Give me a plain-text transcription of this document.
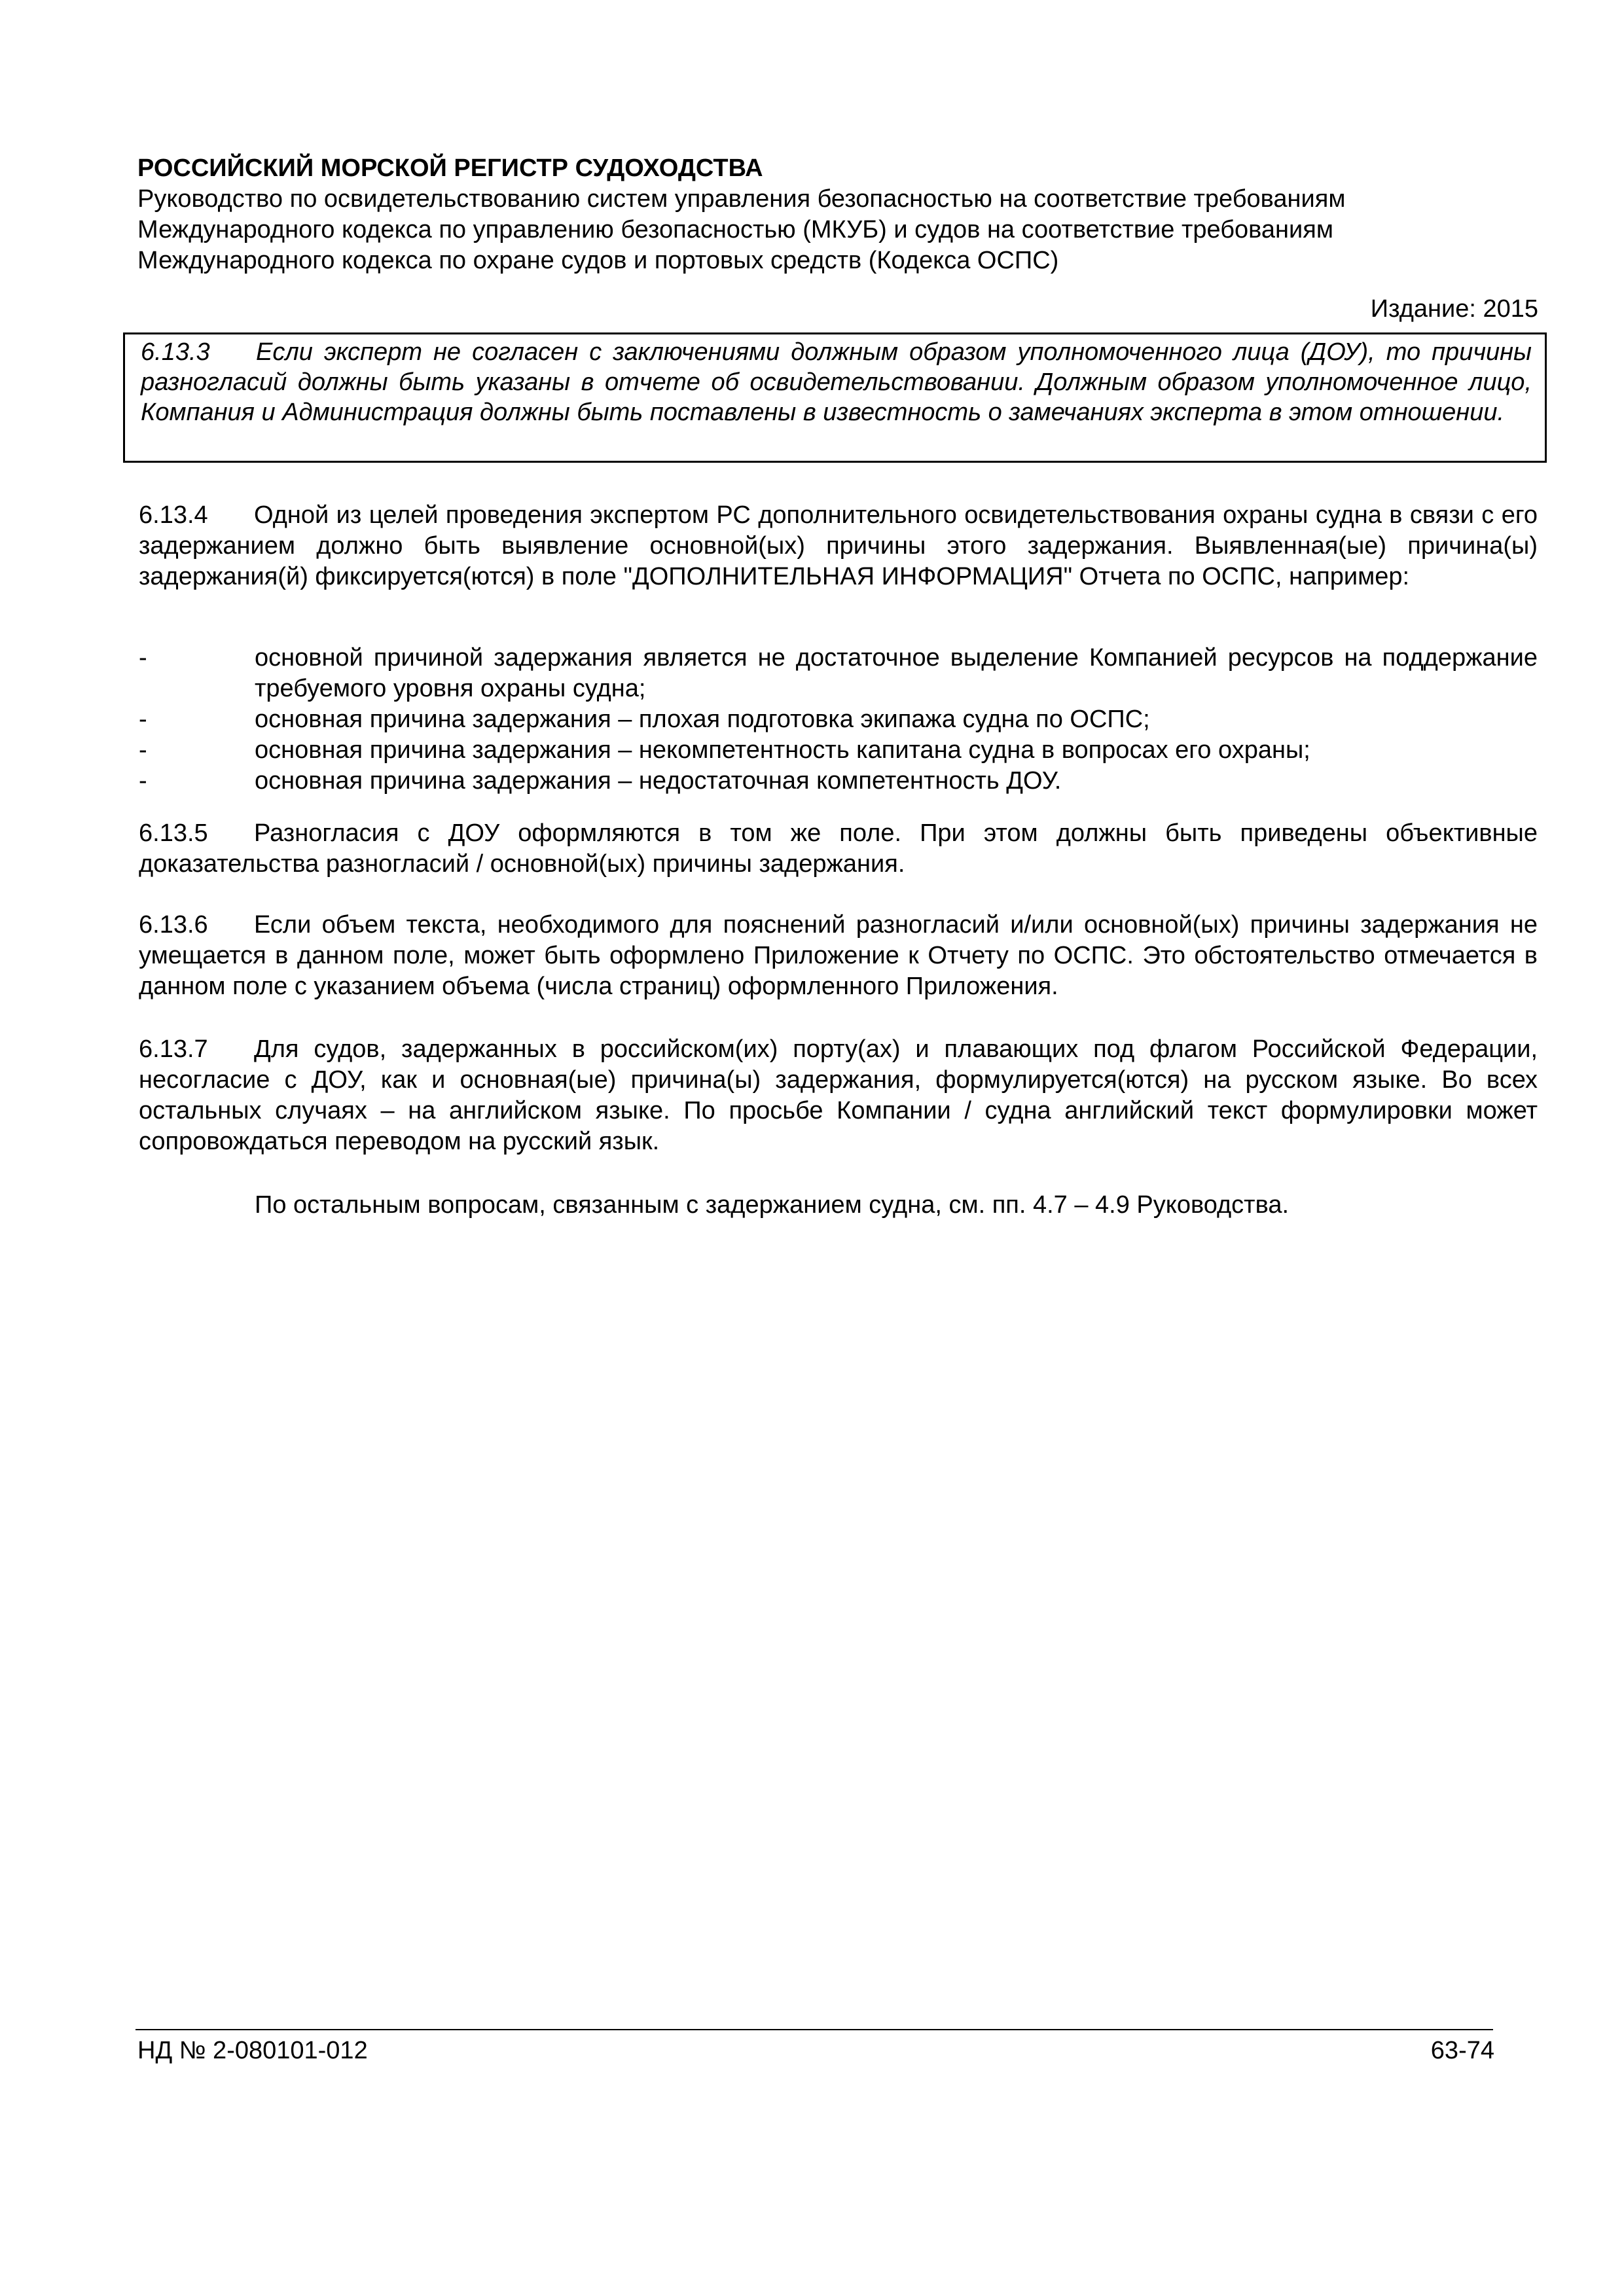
РОССИЙСКИЙ МОРСКОЙ РЕГИСТР СУДОХОДСТВА

Руководство по освидетельствованию систем управления безопасностью на соответствие требованиям

Международного кодекса по управлению безопасностью (МКУБ) и судов на соответствие требованиям

Международного кодекса по охране судов и портовых средств (Кодекса ОСПС)

Издание: 2015
6.13.3 Если эксперт не согласен с заключениями должным образом уполномоченного лица (ДОУ), то причины разногласий должны быть указаны в отчете об освидетельствовании. Должным образом уполномоченное лицо, Компания и Администрация должны быть поставлены в известность о замечаниях эксперта в этом отношении.
6.13.4 Одной из целей проведения экспертом РС дополнительного освидетельствования охраны судна в связи с его задержанием должно быть выявление основной(ых) причины этого задержания. Выявленная(ые) причина(ы) задержания(й) фиксируется(ются) в поле "ДОПОЛНИТЕЛЬНАЯ ИНФОРМАЦИЯ" Отчета по ОСПС, например:
-	основной причиной задержания является не достаточное выделение Компанией ресурсов на поддержание требуемого уровня охраны судна;
-	основная причина задержания – плохая подготовка экипажа судна по ОСПС;
-	основная причина задержания – некомпетентность капитана судна в вопросах его охраны;
-	основная причина задержания – недостаточная компетентность ДОУ.
6.13.5 Разногласия с ДОУ оформляются в том же поле. При этом должны быть приведены объективные доказательства разногласий / основной(ых) причины задержания.
6.13.6 Если объем текста, необходимого для пояснений разногласий и/или основной(ых) причины задержания не умещается в данном поле, может быть оформлено Приложение к Отчету по ОСПС. Это обстоятельство отмечается в данном поле с указанием объема (числа страниц) оформленного Приложения.
6.13.7 Для судов, задержанных в российском(их) порту(ах) и плавающих под флагом Российской Федерации, несогласие с ДОУ, как и основная(ые) причина(ы) задержания, формулируется(ются) на русском языке. Во всех остальных случаях – на английском языке. По просьбе Компании / судна английский текст формулировки может сопровождаться переводом на русский язык.
По остальным вопросам, связанным с задержанием судна, см. пп. 4.7 – 4.9 Руководства.
НД № 2-080101-012	63-74
